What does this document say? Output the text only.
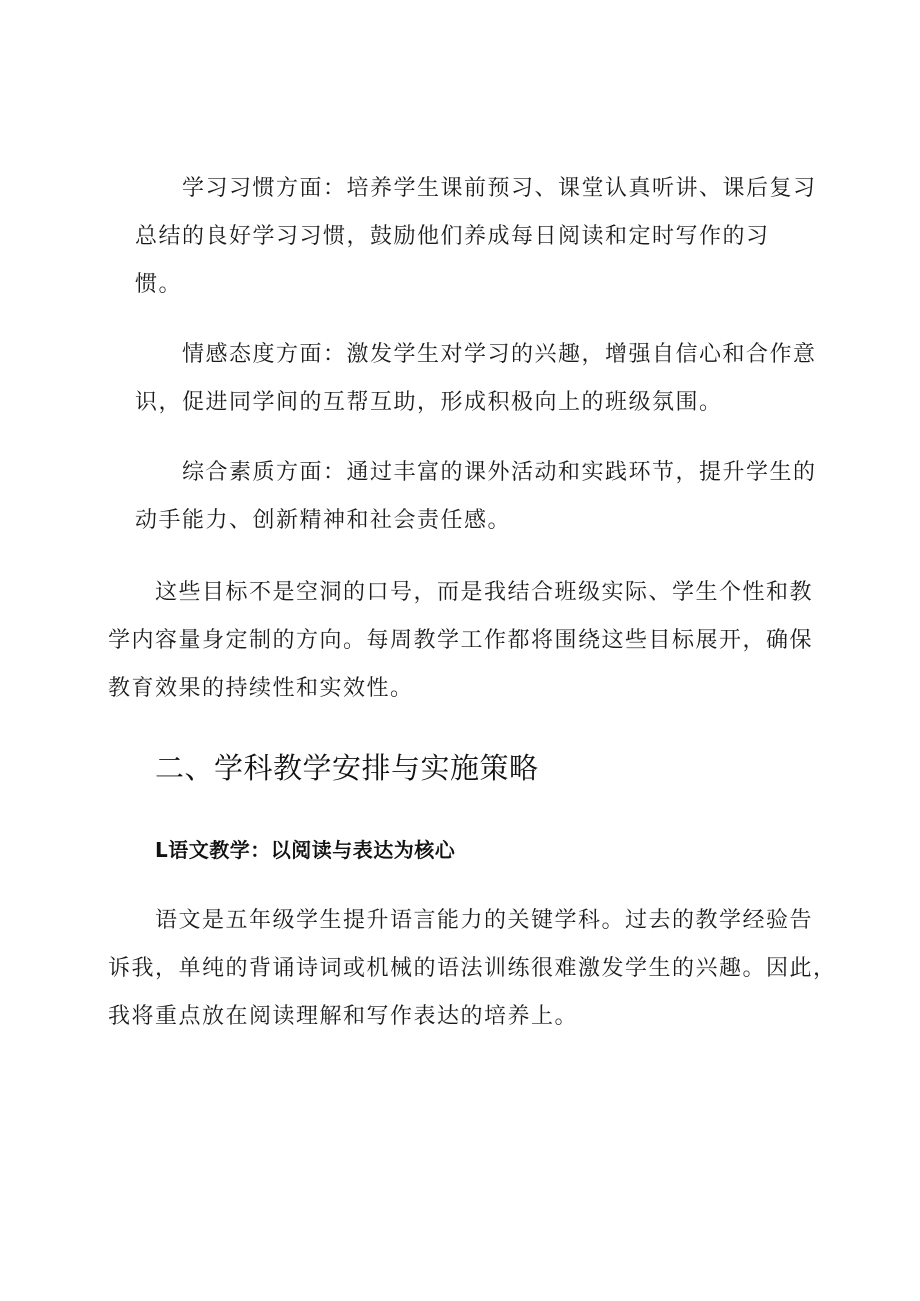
学习习惯方面：培养学生课前预习、课堂认真听讲、课后复习
总结的良好学习习惯，鼓励他们养成每日阅读和定时写作的习
惯。
情感态度方面：激发学生对学习的兴趣，增强自信心和合作意
识，促进同学间的互帮互助，形成积极向上的班级氛围。
综合素质方面：通过丰富的课外活动和实践环节，提升学生的
动手能力、创新精神和社会责任感。
这些目标不是空洞的口号，而是我结合班级实际、学生个性和教
学内容量身定制的方向。每周教学工作都将围绕这些目标展开，确保
教育效果的持续性和实效性。
二、学科教学安排与实施策略
L语文教学：以阅读与表达为核心
语文是五年级学生提升语言能力的关键学科。过去的教学经验告
诉我，单纯的背诵诗词或机械的语法训练很难激发学生的兴趣。因此，
我将重点放在阅读理解和写作表达的培养上。
